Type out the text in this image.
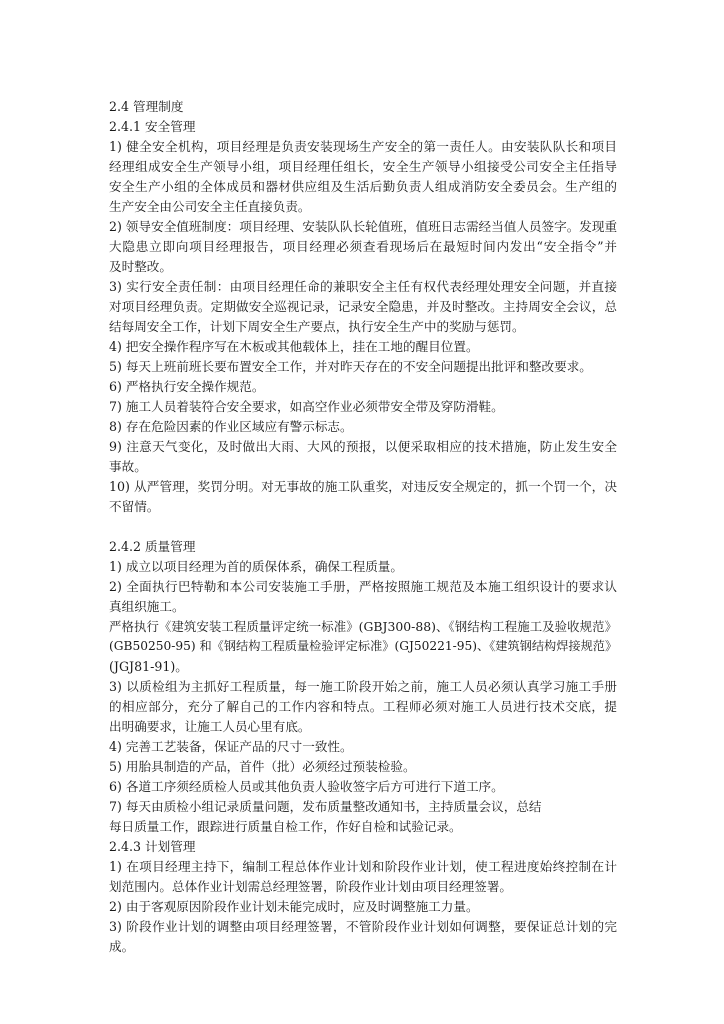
2.4 管理制度
2.4.1 安全管理
1) 健全安全机构，项目经理是负责安装现场生产安全的第一责任人。由安装队队长和项目
经理组成安全生产领导小组，项目经理任组长，安全生产领导小组接受公司安全主任指导
安全生产小组的全体成员和器材供应组及生活后勤负责人组成消防安全委员会。生产组的
生产安全由公司安全主任直接负责。
2) 领导安全值班制度：项目经理、安装队队长轮值班，值班日志需经当值人员签字。发现重
大隐患立即向项目经理报告，项目经理必须查看现场后在最短时间内发出“安全指令”并
及时整改。
3) 实行安全责任制：由项目经理任命的兼职安全主任有权代表经理处理安全问题，并直接
对项目经理负责。定期做安全巡视记录，记录安全隐患，并及时整改。主持周安全会议，总
结每周安全工作，计划下周安全生产要点，执行安全生产中的奖励与惩罚。
4) 把安全操作程序写在木板或其他载体上，挂在工地的醒目位置。
5) 每天上班前班长要布置安全工作，并对昨天存在的不安全问题提出批评和整改要求。
6) 严格执行安全操作规范。
7) 施工人员着装符合安全要求，如高空作业必须带安全带及穿防滑鞋。
8) 存在危险因素的作业区域应有警示标志。
9) 注意天气变化，及时做出大雨、大风的预报，以便采取相应的技术措施，防止发生安全
事故。
10) 从严管理，奖罚分明。对无事故的施工队重奖，对违反安全规定的，抓一个罚一个，决
不留情。
2.4.2 质量管理
1) 成立以项目经理为首的质保体系，确保工程质量。
2) 全面执行巴特勒和本公司安装施工手册，严格按照施工规范及本施工组织设计的要求认
真组织施工。
严格执行《建筑安装工程质量评定统一标准》(GBJ300-88)、《钢结构工程施工及验收规范》
(GB50250-95) 和《钢结构工程质量检验评定标准》(GJ50221-95)、《建筑钢结构焊接规范》
(JGJ81-91)。
3) 以质检组为主抓好工程质量，每一施工阶段开始之前，施工人员必须认真学习施工手册
的相应部分，充分了解自己的工作内容和特点。工程师必须对施工人员进行技术交底，提
出明确要求，让施工人员心里有底。
4) 完善工艺装备，保证产品的尺寸一致性。
5) 用胎具制造的产品，首件（批）必须经过预装检验。
6) 各道工序须经质检人员或其他负责人验收签字后方可进行下道工序。
7) 每天由质检小组记录质量问题，发布质量整改通知书，主持质量会议，总结
每日质量工作，跟踪进行质量自检工作，作好自检和试验记录。
2.4.3 计划管理
1) 在项目经理主持下，编制工程总体作业计划和阶段作业计划，使工程进度始终控制在计
划范围内。总体作业计划需总经理签署，阶段作业计划由项目经理签署。
2) 由于客观原因阶段作业计划未能完成时，应及时调整施工力量。
3) 阶段作业计划的调整由项目经理签署，不管阶段作业计划如何调整，要保证总计划的完
成。
